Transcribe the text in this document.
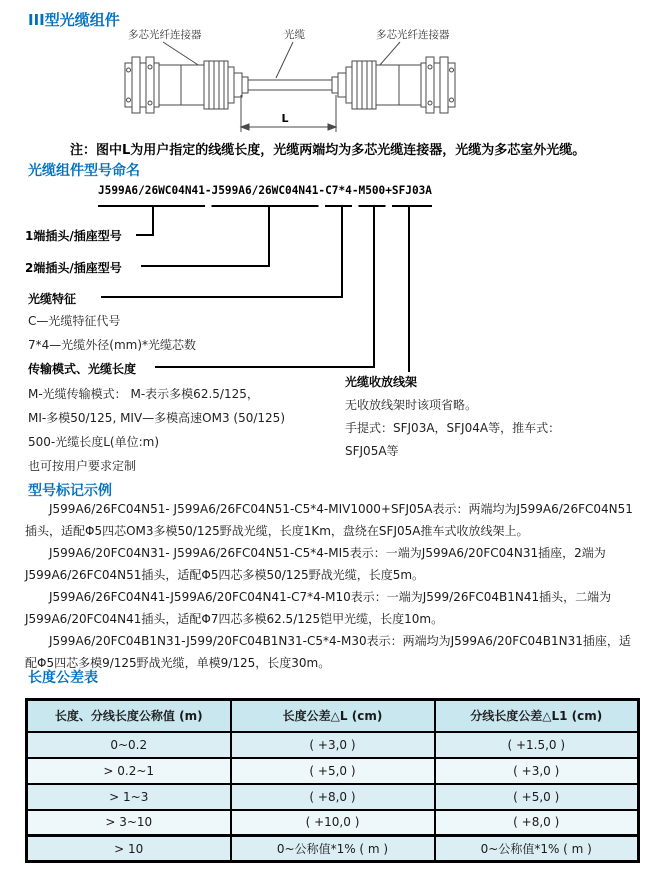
III型光缆组件
多芯光纤连接器	光缆	多芯光纤连接器
L
注：图中L为用户指定的线缆长度，光缆两端均为多芯光缆连接器，光缆为多芯室外光缆。
光缆组件型号命名
J599A6/26WC04N41-J599A6/26WC04N41-C7*4-M500+SFJ03A
1端插头/插座型号
2端插头/插座型号
光缆特征
C—光缆特征代号
7*4—光缆外径(mm)*光缆芯数
传输模式、光缆长度
M-光缆传输模式： M-表示多模62.5/125，
MI-多模50/125, MIV—多模高速OM3 (50/125)
500-光缆长度L(单位:m)
也可按用户要求定制
光缆收放线架
无收放线架时该项省略。
手提式：SFJ03A，SFJ04A等，推车式：
SFJ05A等
型号标记示例

J599A6/26FC04N51- J599A6/26FC04N51-C5*4-MIV1000+SFJ05A表示：两端均为J599A6/26FC04N51插头，适配Φ5四芯OM3多模50/125野战光缆，长度1Km，盘绕在SFJ05A推车式收放线架上。

J599A6/20FC04N31- J599A6/26FC04N51-C5*4-MI5表示：一端为J599A6/20FC04N31插座，2端为J599A6/26FC04N51插头，适配Φ5四芯多模50/125野战光缆，长度5m。

J599A6/26FC04N41-J599A6/20FC04N41-C7*4-M10表示：一端为J599/26FC04B1N41插头，二端为J599A6/20FC04N41插头，适配Φ7四芯多模62.5/125铠甲光缆，长度10m。

J599A6/20FC04B1N31-J599/20FC04B1N31-C5*4-M30表示：两端均为J599A6/20FC04B1N31插座，适配Φ5四芯多模9/125野战光缆，单模9/125，长度30m。

长度公差表
长度、分线长度公称值 (m)	长度公差△L (cm)	分线长度公差△L1 (cm)
0~0.2	( +3,0 )	( +1.5,0 )
> 0.2~1	( +5,0 )	( +3,0 )
> 1~3	( +8,0 )	( +5,0 )
> 3~10	( +10,0 )	( +8,0 )
> 10	0~公称值*1% ( m )	0~公称值*1% ( m )
